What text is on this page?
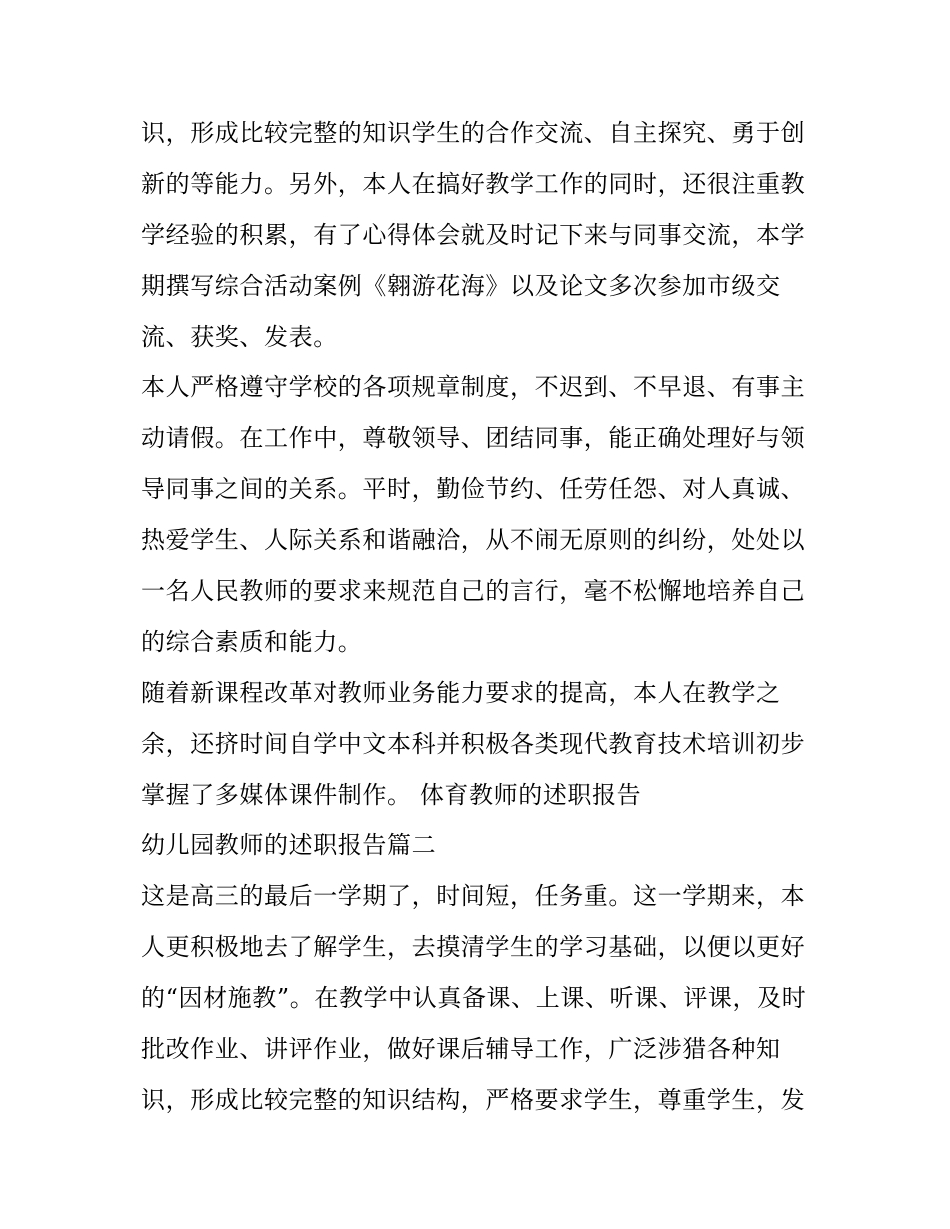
识，形成比较完整的知识学生的合作交流、自主探究、勇于创
新的等能力。另外，本人在搞好教学工作的同时，还很注重教
学经验的积累，有了心得体会就及时记下来与同事交流，本学
期撰写综合活动案例《翱游花海》以及论文多次参加市级交
流、获奖、发表。
本人严格遵守学校的各项规章制度，不迟到、不早退、有事主
动请假。在工作中，尊敬领导、团结同事，能正确处理好与领
导同事之间的关系。平时，勤俭节约、任劳任怨、对人真诚、
热爱学生、人际关系和谐融洽，从不闹无原则的纠纷，处处以
一名人民教师的要求来规范自己的言行，毫不松懈地培养自己
的综合素质和能力。
随着新课程改革对教师业务能力要求的提高，本人在教学之
余，还挤时间自学中文本科并积极各类现代教育技术培训初步
掌握了多媒体课件制作。 体育教师的述职报告
幼儿园教师的述职报告篇二
这是高三的最后一学期了，时间短，任务重。这一学期来，本
人更积极地去了解学生，去摸清学生的学习基础，以便以更好
的“因材施教”。在教学中认真备课、上课、听课、评课，及时
批改作业、讲评作业，做好课后辅导工作，广泛涉猎各种知
识，形成比较完整的知识结构，严格要求学生，尊重学生，发
